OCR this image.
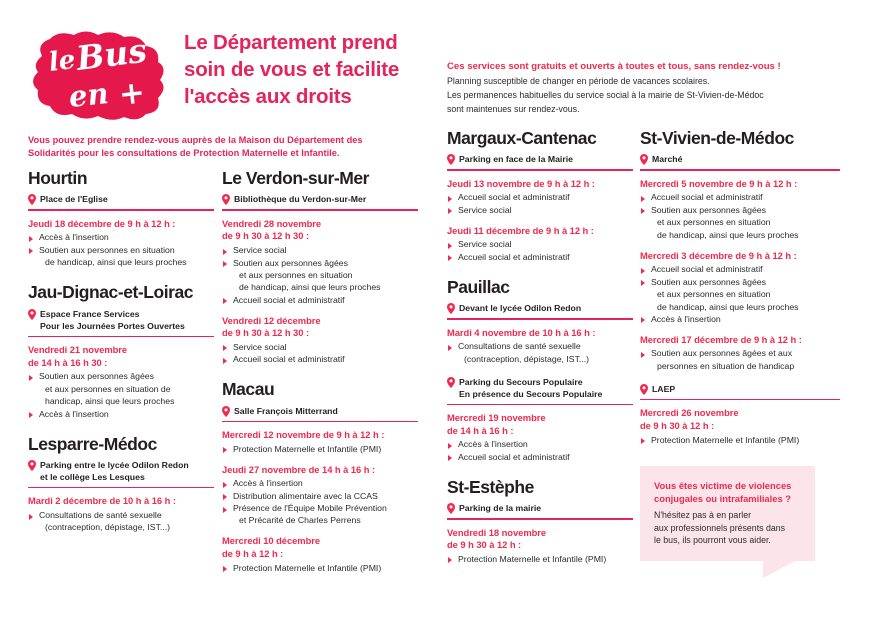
le
Bus
en +
Le Département prend soin de vous et facilite l'accès aux droits
Vous pouvez prendre rendez-vous auprès de la Maison du Département des Solidarités pour les consultations de Protection Maternelle et Infantile.
Ces services sont gratuits et ouverts à toutes et tous, sans rendez-vous !
Planning susceptible de changer en période de vacances scolaires.
Les permanences habituelles du service social à la mairie de St-Vivien-de-Médoc
sont maintenues sur rendez-vous.
Hourtin
Place de l'Eglise
Jeudi 18 décembre de 9 h à 12 h :
Accès à l'insertion
Soutien aux personnes en situation
de handicap, ainsi que leurs proches
Jau-Dignac-et-Loirac
Espace France Services
Pour les Journées Portes Ouvertes
Vendredi 21 novembre
de 14 h à 16 h 30 :
Soutien aux personnes âgées
et aux personnes en situation de
handicap, ainsi que leurs proches
Accès à l'insertion
Lesparre-Médoc
Parking entre le lycée Odilon Redon
et le collège Les Lesques
Mardi 2 décembre de 10 h à 16 h :
Consultations de santé sexuelle
(contraception, dépistage, IST...)
Le Verdon-sur-Mer
Bibliothèque du Verdon-sur-Mer
Vendredi 28 novembre
de 9 h 30 à 12 h 30 :
Service social
Soutien aux personnes âgées
et aux personnes en situation
de handicap, ainsi que leurs proches
Accueil social et administratif
Vendredi 12 décembre
de 9 h 30 à 12 h 30 :
Service social
Accueil social et administratif
Macau
Salle François Mitterrand
Mercredi 12 novembre de 9 h à 12 h :
Protection Maternelle et Infantile (PMI)
Jeudi 27 novembre de 14 h à 16 h :
Accès à l'insertion
Distribution alimentaire avec la CCAS
Présence de l'Équipe Mobile Prévention
et Précarité de Charles Perrens
Mercredi 10 décembre
de 9 h à 12 h :
Protection Maternelle et Infantile (PMI)
Margaux-Cantenac
Parking en face de la Mairie
Jeudi 13 novembre de 9 h à 12 h :
Accueil social et administratif
Service social
Jeudi 11 décembre de 9 h à 12 h :
Service social
Accueil social et administratif
Pauillac
Devant le lycée Odilon Redon
Mardi 4 novembre de 10 h à 16 h :
Consultations de santé sexuelle
(contraception, dépistage, IST...)
Parking du Secours Populaire
En présence du Secours Populaire
Mercredi 19 novembre
de 14 h à 16 h :
Accès à l'insertion
Accueil social et administratif
St-Estèphe
Parking de la mairie
Vendredi 18 novembre
de 9 h 30 à 12 h :
Protection Maternelle et Infantile (PMI)
St-Vivien-de-Médoc
Marché
Mercredi 5 novembre de 9 h à 12 h :
Accueil social et administratif
Soutien aux personnes âgées
et aux personnes en situation
de handicap, ainsi que leurs proches
Mercredi 3 décembre de 9 h à 12 h :
Accueil social et administratif
Soutien aux personnes âgées
et aux personnes en situation
de handicap, ainsi que leurs proches
Accès à l'insertion
Mercredi 17 décembre de 9 h à 12 h :
Soutien aux personnes âgées et aux
personnes en situation de handicap
LAEP
Mercredi 26 novembre
de 9 h 30 à 12 h :
Protection Maternelle et Infantile (PMI)
Vous êtes victime de violences conjugales ou intrafamiliales ?
N'hésitez pas à en parler
aux professionnels présents dans
le bus, ils pourront vous aider.
